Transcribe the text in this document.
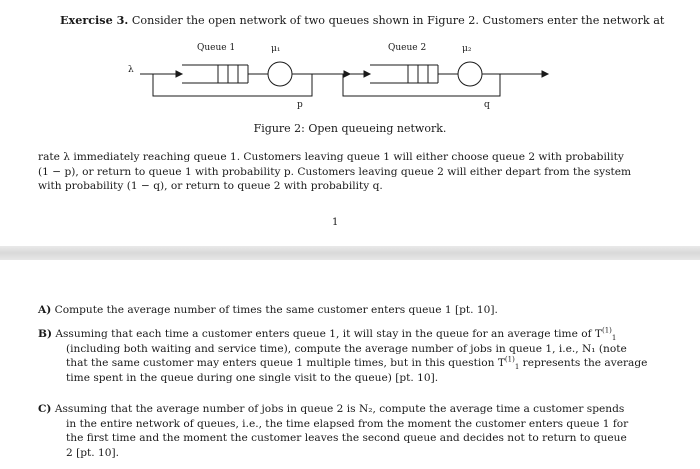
Exercise 3. Consider the open network of two queues shown in Figure 2. Customers enter the network at
Queue 1	μ₁	Queue 2	μ₂
λ
p	q
Figure 2: Open queueing network.

rate λ immediately reaching queue 1. Customers leaving queue 1 will either choose queue 2 with probability

(1 − p), or return to queue 1 with probability p. Customers leaving queue 2 will either depart from the system

with probability (1 − q), or return to queue 2 with probability q.

1

A) Compute the average number of times the same customer enters queue 1 [pt. 10].

B) Assuming that each time a customer enters queue 1, it will stay in the queue for an average time of $T^{(1)}_1$

(including both waiting and service time), compute the average number of jobs in queue 1, i.e., N₁ (note

that the same customer may enters queue 1 multiple times, but in this question $T^{(1)}_1$ represents the average

time spent in the queue during one single visit to the queue) [pt. 10].

C) Assuming that the average number of jobs in queue 2 is N₂, compute the average time a customer spends

in the entire network of queues, i.e., the time elapsed from the moment the customer enters queue 1 for

the first time and the moment the customer leaves the second queue and decides not to return to queue

2 [pt. 10].
